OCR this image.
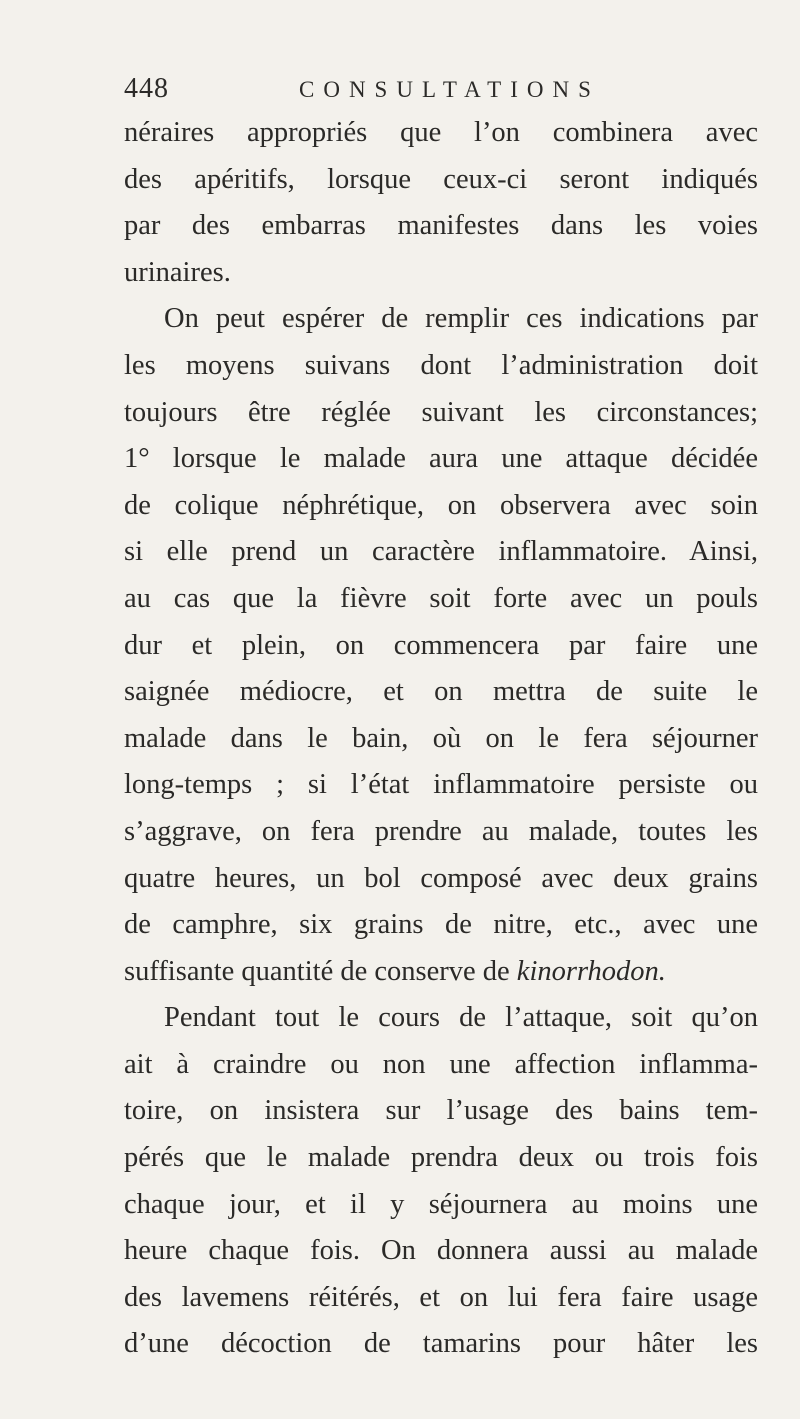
448	CONSULTATIONS
néraires appropriés que l’on combinera avec
des apéritifs, lorsque ceux-ci seront indiqués
par des embarras manifestes dans les voies
urinaires.
On peut espérer de remplir ces indications par
les moyens suivans dont l’administration doit
toujours être réglée suivant les circonstances;
1° lorsque le malade aura une attaque décidée
de colique néphrétique, on observera avec soin
si elle prend un caractère inflammatoire. Ainsi,
au cas que la fièvre soit forte avec un pouls
dur et plein, on commencera par faire une
saignée médiocre, et on mettra de suite le
malade dans le bain, où on le fera séjourner
long-temps ; si l’état inflammatoire persiste ou
s’aggrave, on fera prendre au malade, toutes les
quatre heures, un bol composé avec deux grains
de camphre, six grains de nitre, etc., avec une
suffisante quantité de conserve de kinorrhodon.
Pendant tout le cours de l’attaque, soit qu’on
ait à craindre ou non une affection inflamma-
toire, on insistera sur l’usage des bains tem-
pérés que le malade prendra deux ou trois fois
chaque jour, et il y séjournera au moins une
heure chaque fois. On donnera aussi au malade
des lavemens réitérés, et on lui fera faire usage
d’une décoction de tamarins pour hâter les
